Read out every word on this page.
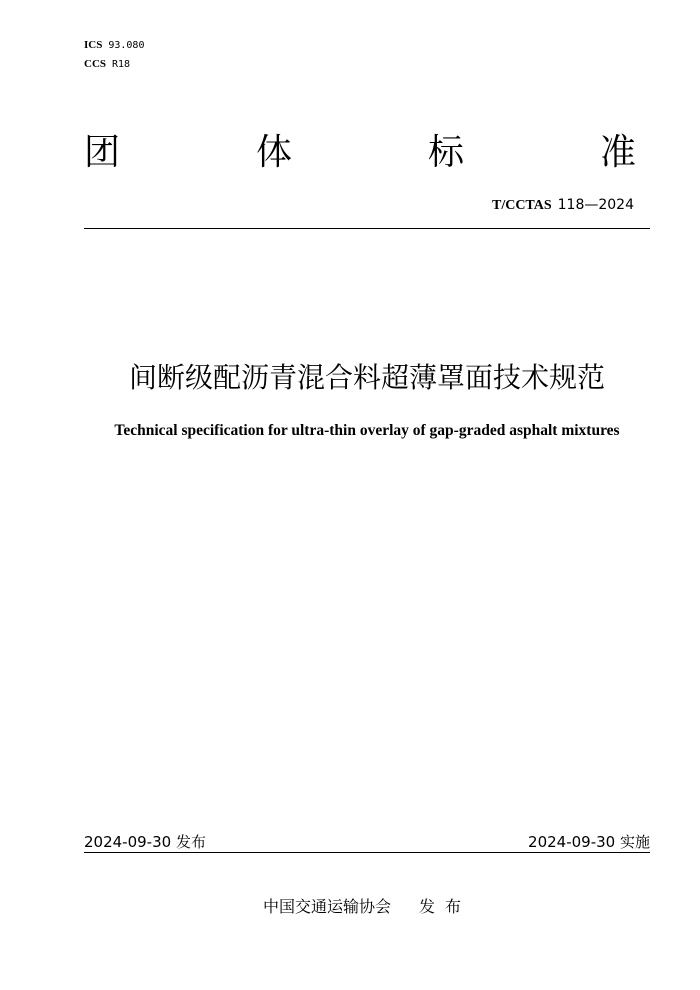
ICS 93.080
CCS R18
团	体	标	准
T/CCTAS 118—2024
间断级配沥青混合料超薄罩面技术规范
Technical specification for ultra-thin overlay of gap-graded asphalt mixtures
2024-09-30 发布	2024-09-30 实施
中国交通运输协会 发布
